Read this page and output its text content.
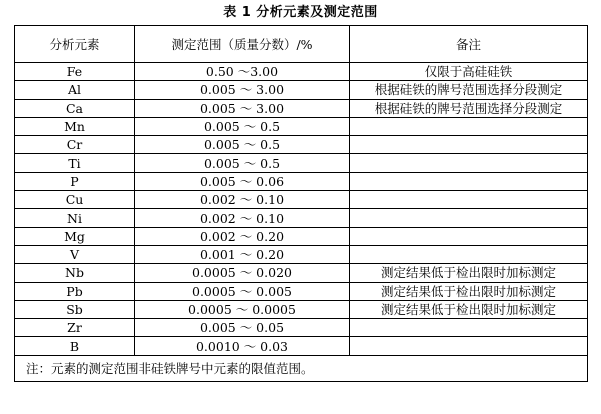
表 1 分析元素及测定范围
分析元素	测定范围（质量分数）/%	备注
Fe	0.50 ～3.00	仅限于高硅硅铁
Al	0.005 ～ 3.00	根据硅铁的牌号范围选择分段测定
Ca	0.005 ～ 3.00	根据硅铁的牌号范围选择分段测定
Mn	0.005 ～ 0.5	
Cr	0.005 ～ 0.5	
Ti	0.005 ～ 0.5	
P	0.005 ～ 0.06	
Cu	0.002 ～ 0.10	
Ni	0.002 ～ 0.10	
Mg	0.002 ～ 0.20	
V	0.001 ～ 0.20	
Nb	0.0005 ～ 0.020	测定结果低于检出限时加标测定
Pb	0.0005 ～ 0.005	测定结果低于检出限时加标测定
Sb	0.0005 ～ 0.0005	测定结果低于检出限时加标测定
Zr	0.005 ～ 0.05	
B	0.0010 ～ 0.03	
注：元素的测定范围非硅铁牌号中元素的限值范围。		
